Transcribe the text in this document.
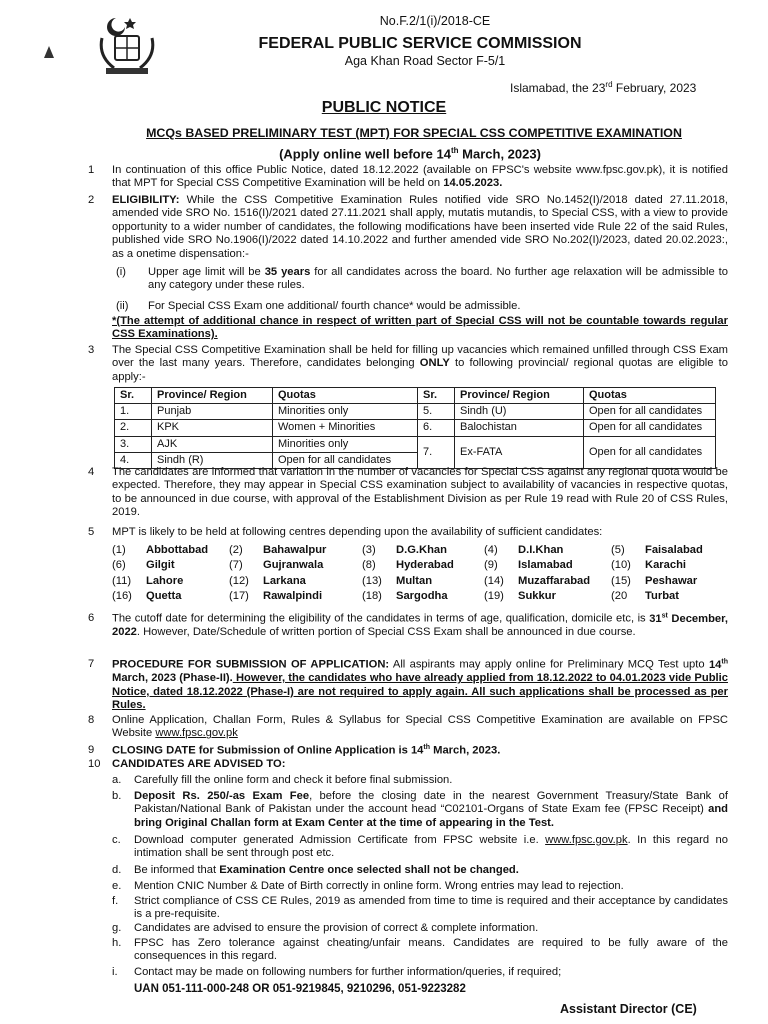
No.F.2/1(i)/2018-CE
FEDERAL PUBLIC SERVICE COMMISSION
Aga Khan Road Sector F-5/1
Islamabad, the 23rd February, 2023
PUBLIC NOTICE
MCQs BASED PRELIMINARY TEST (MPT) FOR SPECIAL CSS COMPETITIVE EXAMINATION
(Apply online well before 14th March, 2023)
1	In continuation of this office Public Notice, dated 18.12.2022 (available on FPSC's website www.fpsc.gov.pk), it is notified that MPT for Special CSS Competitive Examination will be held on 14.05.2023.
2	ELIGIBILITY: While the CSS Competitive Examination Rules notified vide SRO No.1452(I)/2018 dated 27.11.2018, amended vide SRO No. 1516(I)/2021 dated 27.11.2021 shall apply, mutatis mutandis, to Special CSS, with a view to provide opportunity to a wider number of candidates, the following modifications have been inserted vide Rule 22 of the said Rules, published vide SRO No.1906(I)/2022 dated 14.10.2022 and further amended vide SRO No.202(I)/2023, dated 20.02.2023:, as a onetime dispensation:-
(i)	Upper age limit will be 35 years for all candidates across the board. No further age relaxation will be admissible to any category under these rules.
(ii)	For Special CSS Exam one additional/ fourth chance* would be admissible.
*(The attempt of additional chance in respect of written part of Special CSS will not be countable towards regular CSS Examinations).
3	The Special CSS Competitive Examination shall be held for filling up vacancies which remained unfilled through CSS Exam over the last many years. Therefore, candidates belonging ONLY to following provincial/ regional quotas are eligible to apply:-
Sr.	Province/ Region	Quotas	Sr.	Province/ Region	Quotas
1.	Punjab	Minorities only	5.	Sindh (U)	Open for all candidates
2.	KPK	Women + Minorities	6.	Balochistan	Open for all candidates
3.	AJK	Minorities only	7.	Ex-FATA	Open for all candidates
4.	Sindh (R)	Open for all candidates			
4	The candidates are informed that variation in the number of vacancies for Special CSS against any regional quota would be expected. Therefore, they may appear in Special CSS examination subject to availability of vacancies in respective quotas, to be announced in due course, with approval of the Establishment Division as per Rule 19 read with Rule 20 of CSS Rules, 2019.
5	MPT is likely to be held at following centres depending upon the availability of sufficient candidates:
(1) Abbottabad	(2) Bahawalpur	(3) D.G.Khan	(4) D.I.Khan	(5) Faisalabad
(6) Gilgit	(7) Gujranwala	(8) Hyderabad	(9) Islamabad	(10) Karachi
(11) Lahore	(12) Larkana	(13) Multan	(14) Muzaffarabad	(15) Peshawar
(16) Quetta	(17) Rawalpindi	(18) Sargodha	(19) Sukkur	(20 Turbat
6	The cutoff date for determining the eligibility of the candidates in terms of age, qualification, domicile etc, is 31st December, 2022. However, Date/Schedule of written portion of Special CSS Exam shall be announced in due course.
7	PROCEDURE FOR SUBMISSION OF APPLICATION: All aspirants may apply online for Preliminary MCQ Test upto 14th March, 2023 (Phase-II). However, the candidates who have already applied from 18.12.2022 to 04.01.2023 vide Public Notice, dated 18.12.2022 (Phase-I) are not required to apply again. All such applications shall be processed as per Rules.
8	Online Application, Challan Form, Rules & Syllabus for Special CSS Competitive Examination are available on FPSC Website www.fpsc.gov.pk
9	CLOSING DATE for Submission of Online Application is 14th March, 2023.
10	CANDIDATES ARE ADVISED TO:
a.	Carefully fill the online form and check it before final submission.
b.	Deposit Rs. 250/-as Exam Fee, before the closing date in the nearest Government Treasury/State Bank of Pakistan/National Bank of Pakistan under the account head “C02101-Organs of State Exam fee (FPSC Receipt) and bring Original Challan form at Exam Center at the time of appearing in the Test.
c.	Download computer generated Admission Certificate from FPSC website i.e. www.fpsc.gov.pk. In this regard no intimation shall be sent through post etc.
d.	Be informed that Examination Centre once selected shall not be changed.
e.	Mention CNIC Number & Date of Birth correctly in online form. Wrong entries may lead to rejection.
f.	Strict compliance of CSS CE Rules, 2019 as amended from time to time is required and their acceptance by candidates is a pre-requisite.
g.	Candidates are advised to ensure the provision of correct & complete information.
h.	FPSC has Zero tolerance against cheating/unfair means. Candidates are required to be fully aware of the consequences in this regard.
i.	Contact may be made on following numbers for further information/queries, if required;
UAN 051-111-000-248 OR 051-9219845, 9210296, 051-9223282
Assistant Director (CE)
